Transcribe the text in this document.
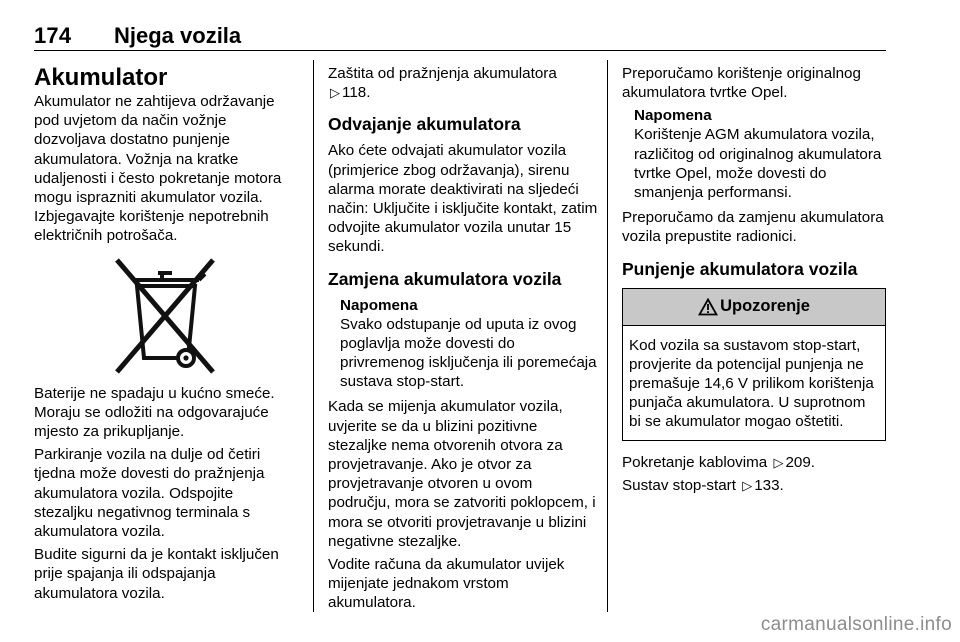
174 Njega vozila
Akumulator

Akumulator ne zahtijeva održavanje pod uvjetom da način vožnje dozvoljava dostatno punjenje akumulatora. Vožnja na kratke udaljenosti i često pokretanje motora mogu isprazniti akumulator vozila. Izbjegavajte korištenje nepotrebnih električnih potrošača.

Baterije ne spadaju u kućno smeće. Moraju se odložiti na odgovarajuće mjesto za prikupljanje.

Parkiranje vozila na dulje od četiri tjedna može dovesti do pražnjenja akumulatora vozila. Odspojite stezaljku negativnog terminala s akumulatora vozila.

Budite sigurni da je kontakt isključen prije spajanja ili odspajanja akumulatora vozila.

Zaštita od pražnjenja akumulatora ▷ 118.

Odvajanje akumulatora

Ako ćete odvajati akumulator vozila (primjerice zbog održavanja), sirenu alarma morate deaktivirati na sljedeći način: Uključite i isključite kontakt, zatim odvojite akumulator vozila unutar 15 sekundi.

Zamjena akumulatora vozila
Napomena

Svako odstupanje od uputa iz ovog poglavlja može dovesti do privremenog isključenja ili poremećaja sustava stop-start.

Kada se mijenja akumulator vozila, uvjerite se da u blizini pozitivne stezaljke nema otvorenih otvora za provjetravanje. Ako je otvor za provjetravanje otvoren u ovom području, mora se zatvoriti poklopcem, i mora se otvoriti provjetravanje u blizini negativne stezaljke.

Vodite računa da akumulator uvijek mijenjate jednakom vrstom akumulatora.

Preporučamo korištenje originalnog akumulatora tvrtke Opel.

Napomena

Korištenje AGM akumulatora vozila, različitog od originalnog akumulatora tvrtke Opel, može dovesti do smanjenja performansi.

Preporučamo da zamjenu akumulatora vozila prepustite radionici.

Punjenje akumulatora vozila
Upozorenje

Kod vozila sa sustavom stop-start, provjerite da potencijal punjenja ne premašuje 14,6 V prilikom korištenja punjača akumulatora. U suprotnom bi se akumulator mogao oštetiti.

Pokretanje kablovima ▷ 209.

Sustav stop-start ▷ 133.

carmanualsonline.info
